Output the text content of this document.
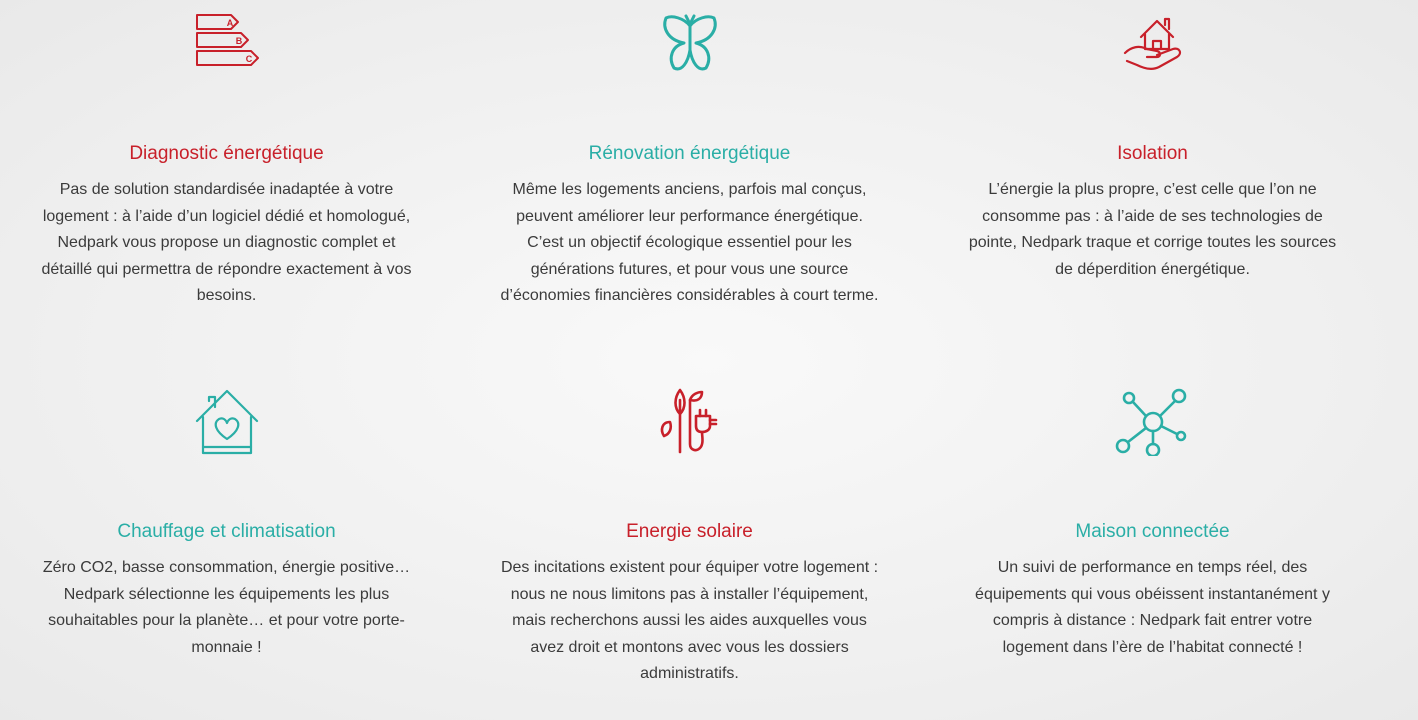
A
B
C
Diagnostic énergétique

Pas de solution standardisée inadaptée à votre logement : à l’aide d’un logiciel dédié et homologué, Nedpark vous propose un diagnostic complet et détaillé qui permettra de répondre exactement à vos besoins.

Rénovation énergétique

Même les logements anciens, parfois mal conçus, peuvent améliorer leur performance énergétique. C’est un objectif écologique essentiel pour les générations futures, et pour vous une source d’économies financières considérables à court terme.

Isolation

L’énergie la plus propre, c’est celle que l’on ne consomme pas : à l’aide de ses technologies de pointe, Nedpark traque et corrige toutes les sources de déperdition énergétique.

Chauffage et climatisation

Zéro CO2, basse consommation, énergie positive… Nedpark sélectionne les équipements les plus souhaitables pour la planète… et pour votre porte-monnaie !

Energie solaire

Des incitations existent pour équiper votre logement : nous ne nous limitons pas à installer l’équipement, mais recherchons aussi les aides auxquelles vous avez droit et montons avec vous les dossiers administratifs.

Maison connectée

Un suivi de performance en temps réel, des équipements qui vous obéissent instantanément y compris à distance : Nedpark fait entrer votre logement dans l’ère de l’habitat connecté !
